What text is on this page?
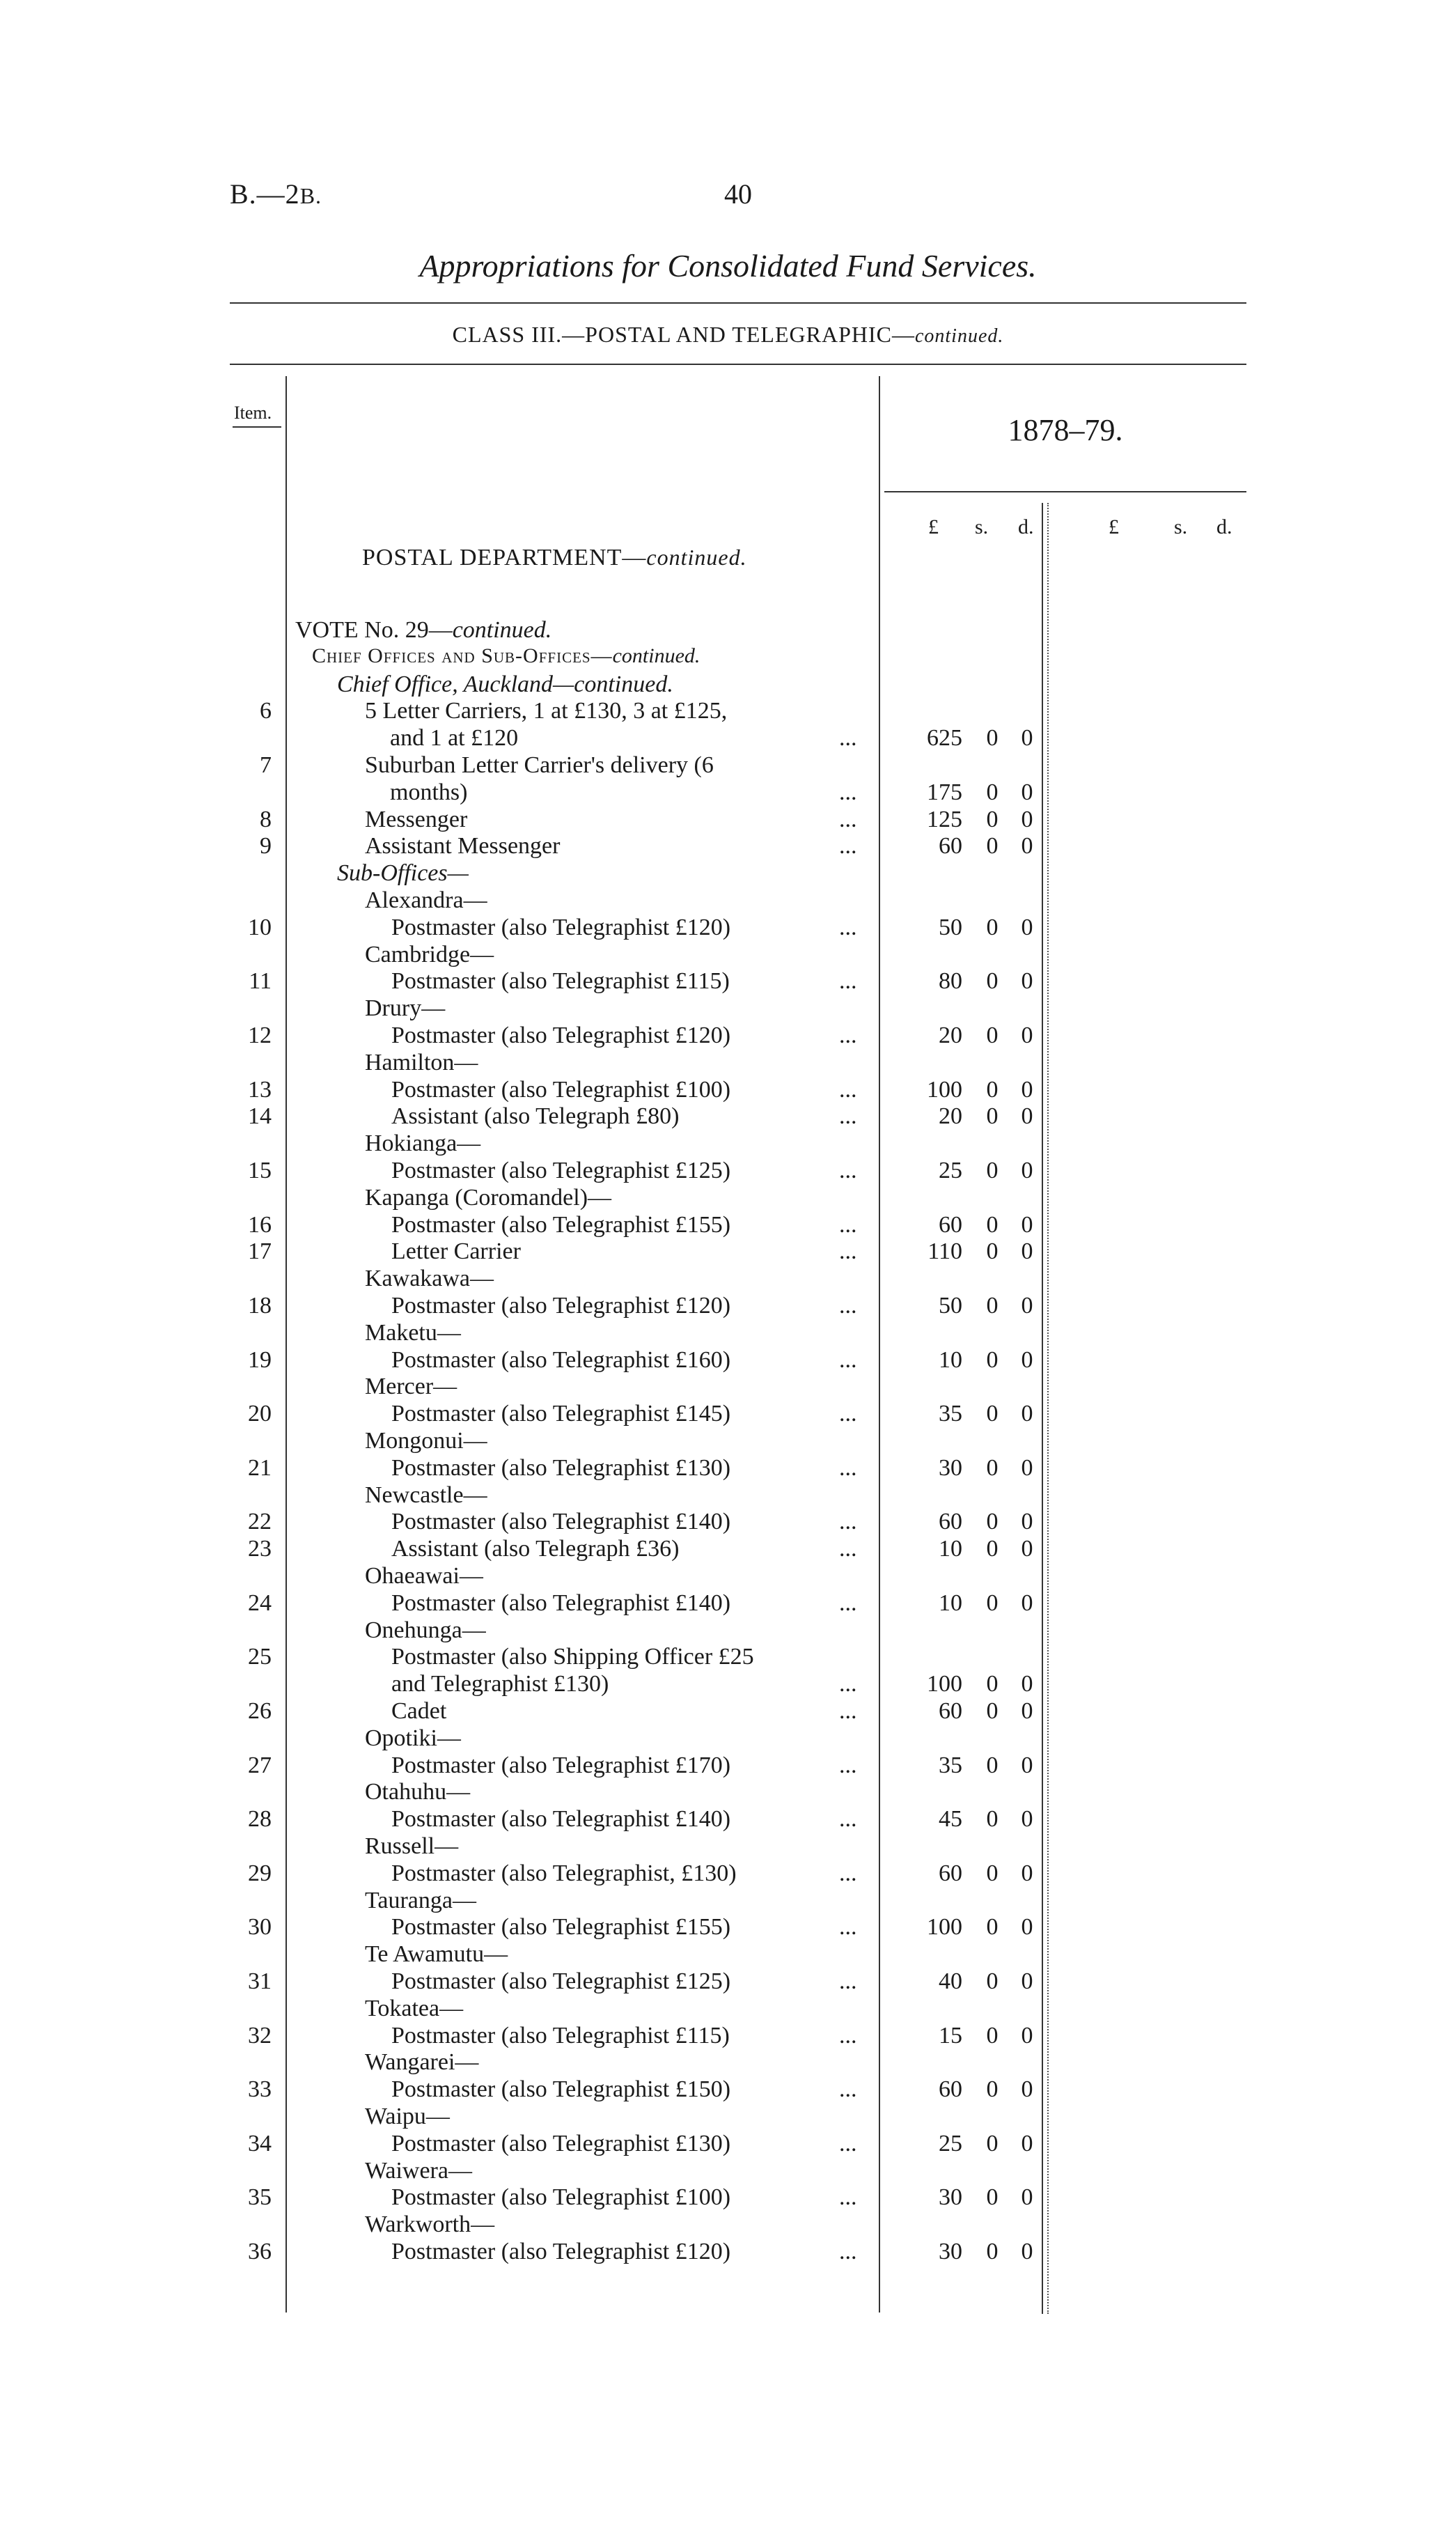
B.—2B.	40
Appropriations for Consolidated Fund Services.
CLASS III.—POSTAL AND TELEGRAPHIC—continued.
Item.
1878–79.
£ s. d.	£	s. d.
POSTAL DEPARTMENT—continued.
VOTE No. 29—continued.
Chief Offices and Sub-Offices—continued.
Chief Office, Auckland—continued.
6	5 Letter Carriers, 1 at £130, 3 at £125,
and 1 at £120	...	625 0 0
7	Suburban Letter Carrier's delivery (6
months)	...	175 0 0
8	Messenger	...	125 0 0
9	Assistant Messenger	...	60 0 0
Sub-Offices—
Alexandra—
10	Postmaster (also Telegraphist £120)	...	50 0 0
Cambridge—
11	Postmaster (also Telegraphist £115)	...	80 0 0
Drury—
12	Postmaster (also Telegraphist £120)	...	20 0 0
Hamilton—
13	Postmaster (also Telegraphist £100)	...	100 0 0
14	Assistant (also Telegraph £80)	...	20 0 0
Hokianga—
15	Postmaster (also Telegraphist £125)	...	25 0 0
Kapanga (Coromandel)—
16	Postmaster (also Telegraphist £155)	...	60 0 0
17	Letter Carrier	...	110 0 0
Kawakawa—
18	Postmaster (also Telegraphist £120)	...	50 0 0
Maketu—
19	Postmaster (also Telegraphist £160)	...	10 0 0
Mercer—
20	Postmaster (also Telegraphist £145)	...	35 0 0
Mongonui—
21	Postmaster (also Telegraphist £130)	...	30 0 0
Newcastle—
22	Postmaster (also Telegraphist £140)	...	60 0 0
23	Assistant (also Telegraph £36)	...	10 0 0
Ohaeawai—
24	Postmaster (also Telegraphist £140)	...	10 0 0
Onehunga—
25	Postmaster (also Shipping Officer £25
and Telegraphist £130)	...	100 0 0
26	Cadet	...	60 0 0
Opotiki—
27	Postmaster (also Telegraphist £170)	...	35 0 0
Otahuhu—
28	Postmaster (also Telegraphist £140)	...	45 0 0
Russell—
29	Postmaster (also Telegraphist, £130)	...	60 0 0
Tauranga—
30	Postmaster (also Telegraphist £155)	...	100 0 0
Te Awamutu—
31	Postmaster (also Telegraphist £125)	...	40 0 0
Tokatea—
32	Postmaster (also Telegraphist £115)	...	15 0 0
Wangarei—
33	Postmaster (also Telegraphist £150)	...	60 0 0
Waipu—
34	Postmaster (also Telegraphist £130)	...	25 0 0
Waiwera—
35	Postmaster (also Telegraphist £100)	...	30 0 0
Warkworth—
36	Postmaster (also Telegraphist £120)	...	30 0 0
